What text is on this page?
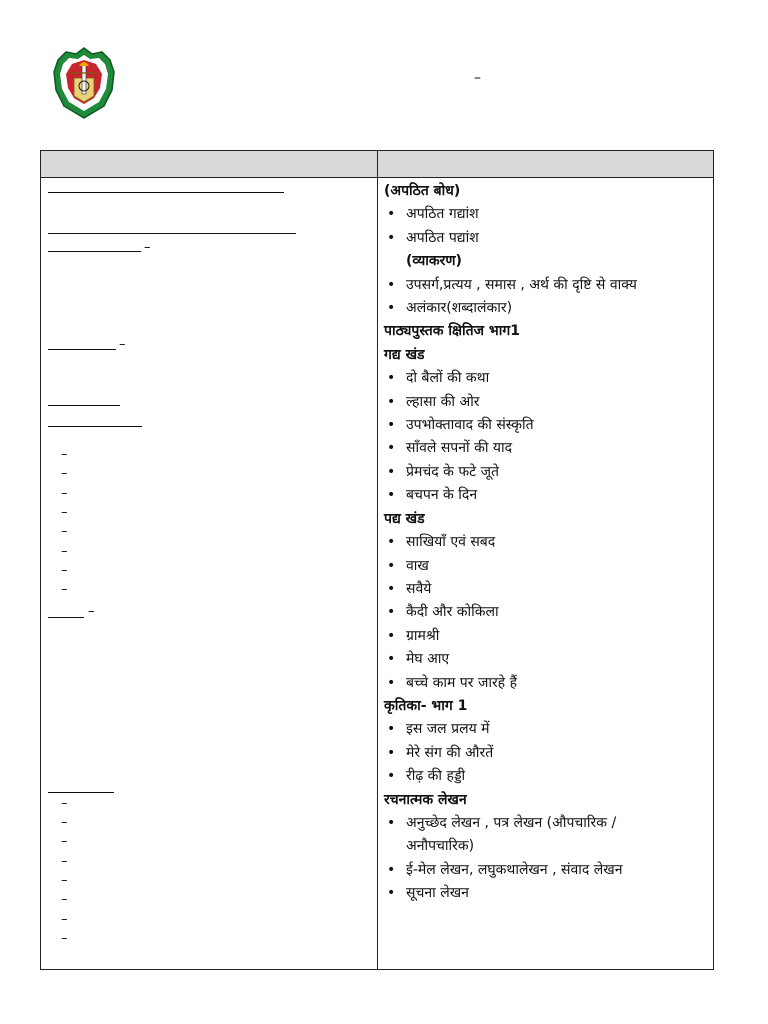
–
–
–
–
–
–
–
–
–
–
–
–
–
–
–
–
–
–
–
–
(अपठित बोध)
• अपठित गद्यांश
• अपठित पद्यांश
(व्याकरण)
• उपसर्ग,प्रत्यय , समास , अर्थ की दृष्टि से वाक्य
• अलंकार(शब्दालंकार)
पाठ्यपुस्तक क्षितिज भाग1
गद्य खंड
• दो बैलों की कथा
• ल्हासा की ओर
• उपभोक्तावाद की संस्कृति
• साँवले सपनों की याद
• प्रेमचंद के फटे जूते
• बचपन के दिन
पद्य खंड
• साखियाँ एवं सबद
• वाख
• सवैये
• कैदी और कोकिला
• ग्रामश्री
• मेघ आए
• बच्चे काम पर जारहे हैं
कृतिका- भाग 1
• इस जल प्रलय में
• मेरे संग की औरतें
• रीढ़ की हड्डी
रचनात्मक लेखन
• अनुच्छेद लेखन , पत्र लेखन (औपचारिक / अनौपचारिक)
• ई-मेल लेखन, लघुकथालेखन , संवाद लेखन
• सूचना लेखन
